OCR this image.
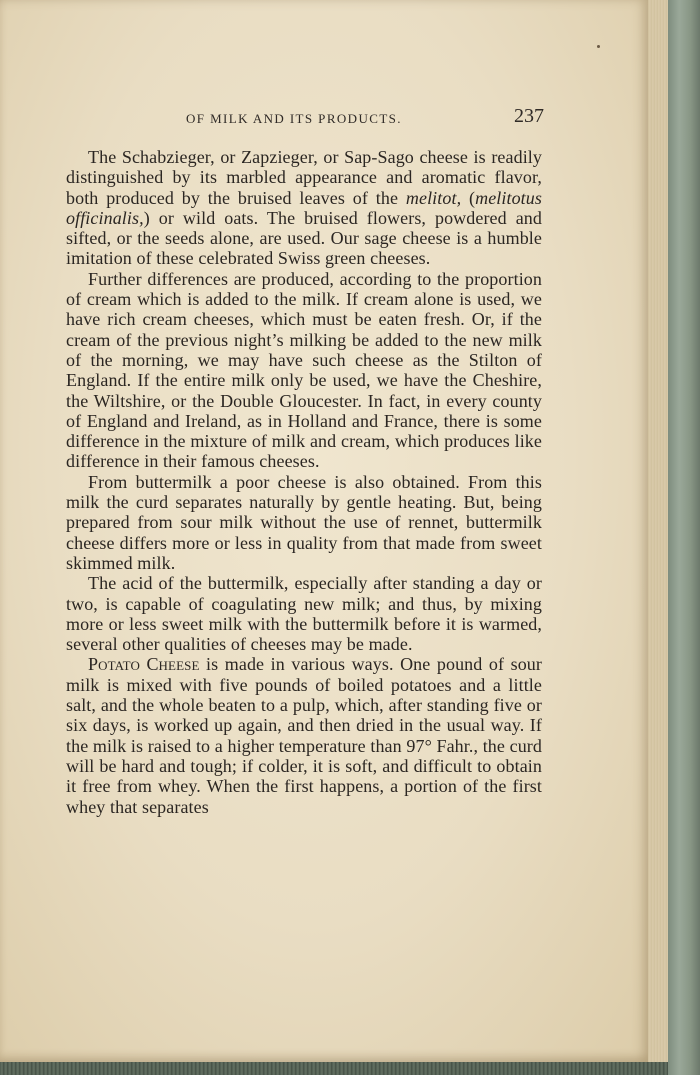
OF MILK AND ITS PRODUCTS.	237

The Schabzieger, or Zapzieger, or Sap-Sago cheese is readily distinguished by its marbled appearance and aromatic flavor, both produced by the bruised leaves of the melitot, (melitotus officinalis,) or wild oats. The bruised flowers, powdered and sifted, or the seeds alone, are used. Our sage cheese is a humble imitation of these celebrated Swiss green cheeses.

Further differences are produced, according to the proportion of cream which is added to the milk. If cream alone is used, we have rich cream cheeses, which must be eaten fresh. Or, if the cream of the previous night’s milking be added to the new milk of the morning, we may have such cheese as the Stilton of England. If the entire milk only be used, we have the Cheshire, the Wiltshire, or the Double Gloucester. In fact, in every county of England and Ireland, as in Holland and France, there is some difference in the mixture of milk and cream, which produces like difference in their famous cheeses.

From buttermilk a poor cheese is also obtained. From this milk the curd separates naturally by gentle heating. But, being prepared from sour milk without the use of rennet, buttermilk cheese differs more or less in quality from that made from sweet skimmed milk.

The acid of the buttermilk, especially after standing a day or two, is capable of coagulating new milk; and thus, by mixing more or less sweet milk with the buttermilk before it is warmed, several other qualities of cheeses may be made.

Potato Cheese is made in various ways. One pound of sour milk is mixed with five pounds of boiled potatoes and a little salt, and the whole beaten to a pulp, which, after standing five or six days, is worked up again, and then dried in the usual way. If the milk is raised to a higher temperature than 97° Fahr., the curd will be hard and tough; if colder, it is soft, and difficult to obtain it free from whey. When the first happens, a portion of the first whey that separates
